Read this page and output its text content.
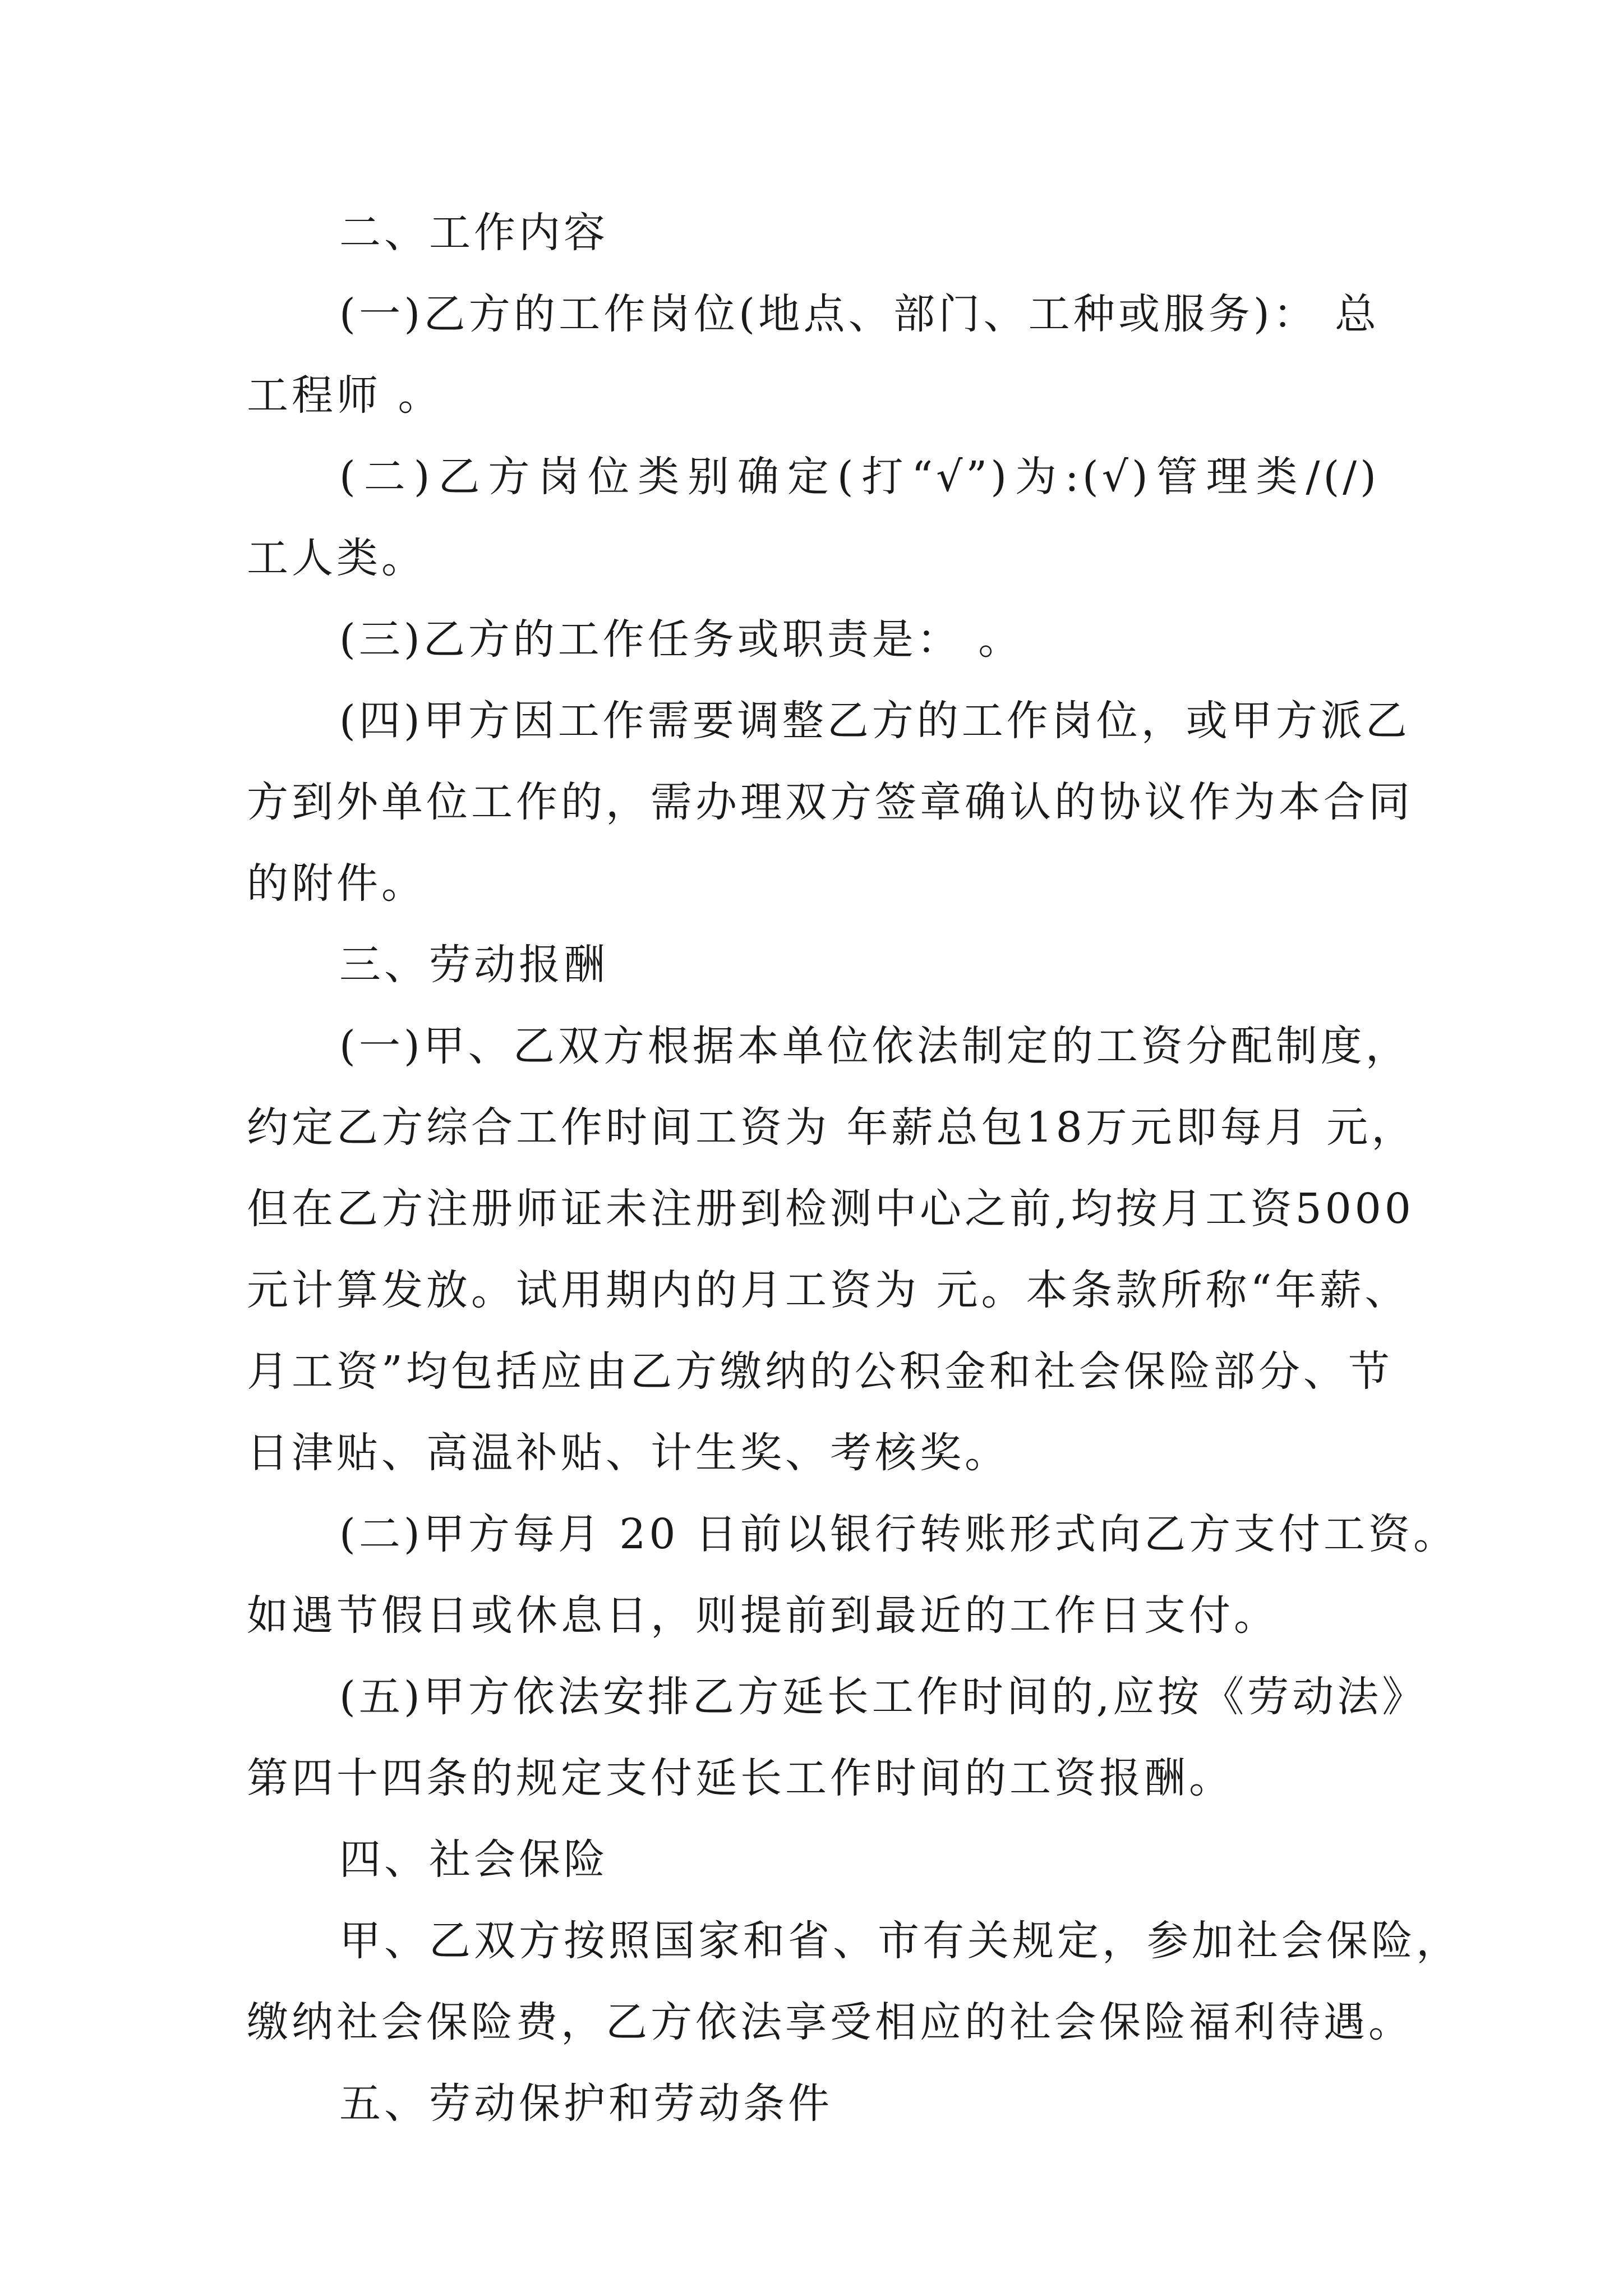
二、工作内容
(一)乙方的工作岗位(地点、部门、工种或服务)： 总
工程师 。
(二)乙方岗位类别确定(打“√”)为:(√)管理类/(/)
工人类。
(三)乙方的工作任务或职责是： 。
(四)甲方因工作需要调整乙方的工作岗位，或甲方派乙
方到外单位工作的，需办理双方签章确认的协议作为本合同
的附件。
三、劳动报酬
(一)甲、乙双方根据本单位依法制定的工资分配制度，
约定乙方综合工作时间工资为 年薪总包18万元即每月 元，
但在乙方注册师证未注册到检测中心之前,均按月工资5000
元计算发放。试用期内的月工资为 元。本条款所称“年薪、
月工资”均包括应由乙方缴纳的公积金和社会保险部分、节
日津贴、高温补贴、计生奖、考核奖。
(二)甲方每月 20 日前以银行转账形式向乙方支付工资。
如遇节假日或休息日，则提前到最近的工作日支付。
(五)甲方依法安排乙方延长工作时间的,应按《劳动法》
第四十四条的规定支付延长工作时间的工资报酬。
四、社会保险
甲、乙双方按照国家和省、市有关规定，参加社会保险，
缴纳社会保险费，乙方依法享受相应的社会保险福利待遇。
五、劳动保护和劳动条件
